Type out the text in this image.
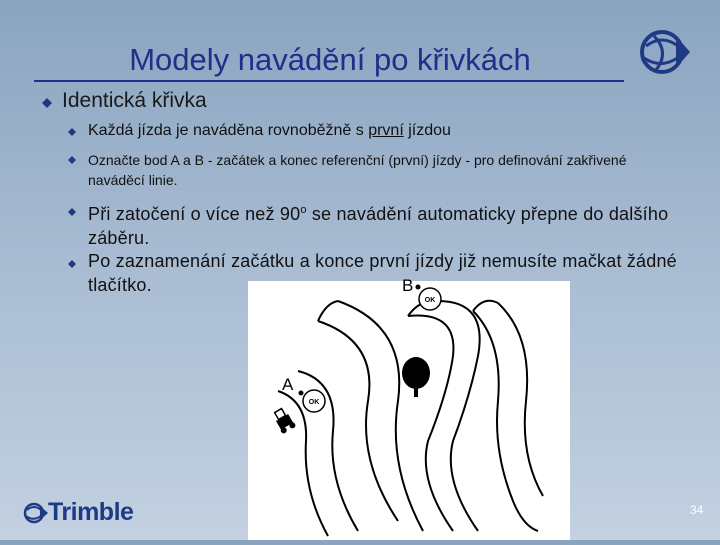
Modely navádění po křivkách
Identická křivka
Každá jízda je naváděna rovnoběžně s první jízdou
Označte bod A a B - začátek a konec referenční (první) jízdy - pro definování zakřivené naváděcí linie.
Při zatočení o více než 90$^o$ se navádění automaticky přepne do dalšího záběru.
Po zaznamenání začátku a konce první jízdy již nemusíte mačkat žádné tlačítko.
OK
OK
A
B
Trimble	34
